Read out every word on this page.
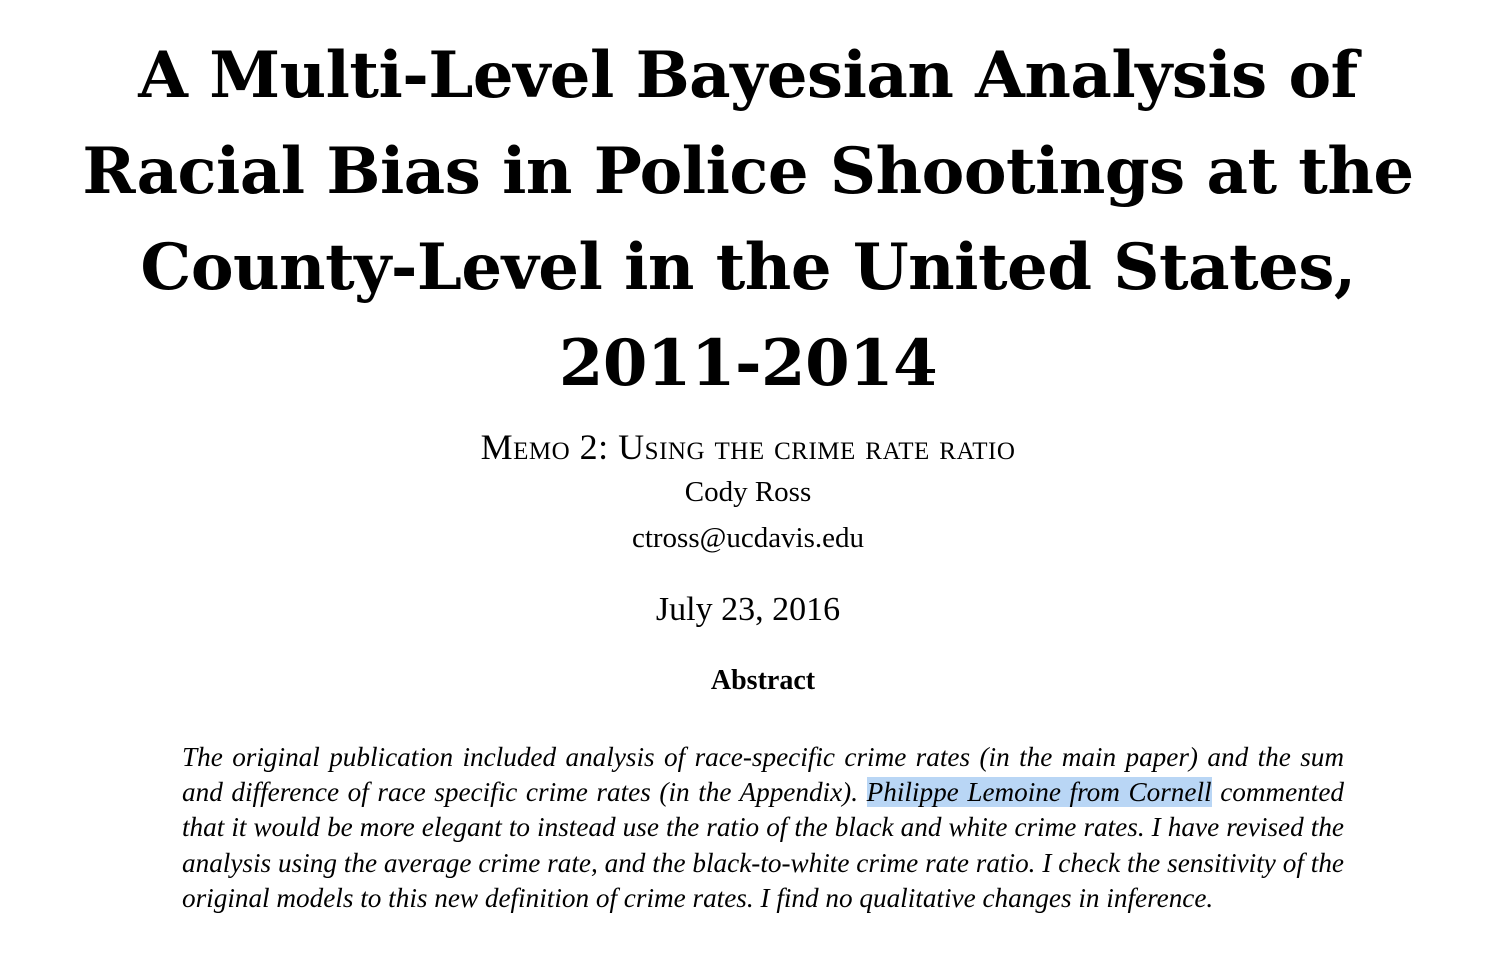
A Multi-Level Bayesian Analysis of
Racial Bias in Police Shootings at the
County-Level in the United States,
2011-2014
Memo 2: Using the crime rate ratio
Cody Ross
ctross@ucdavis.edu
July 23, 2016
Abstract

The original publication included analysis of race-specific crime rates (in the main paper) and the sum and difference of race specific crime rates (in the Appendix). Philippe Lemoine from Cornell commented that it would be more elegant to instead use the ratio of the black and white crime rates. I have revised the analysis using the average crime rate, and the black-to-white crime rate ratio. I check the sensitivity of the original models to this new definition of crime rates. I find no qualitative changes in inference.
